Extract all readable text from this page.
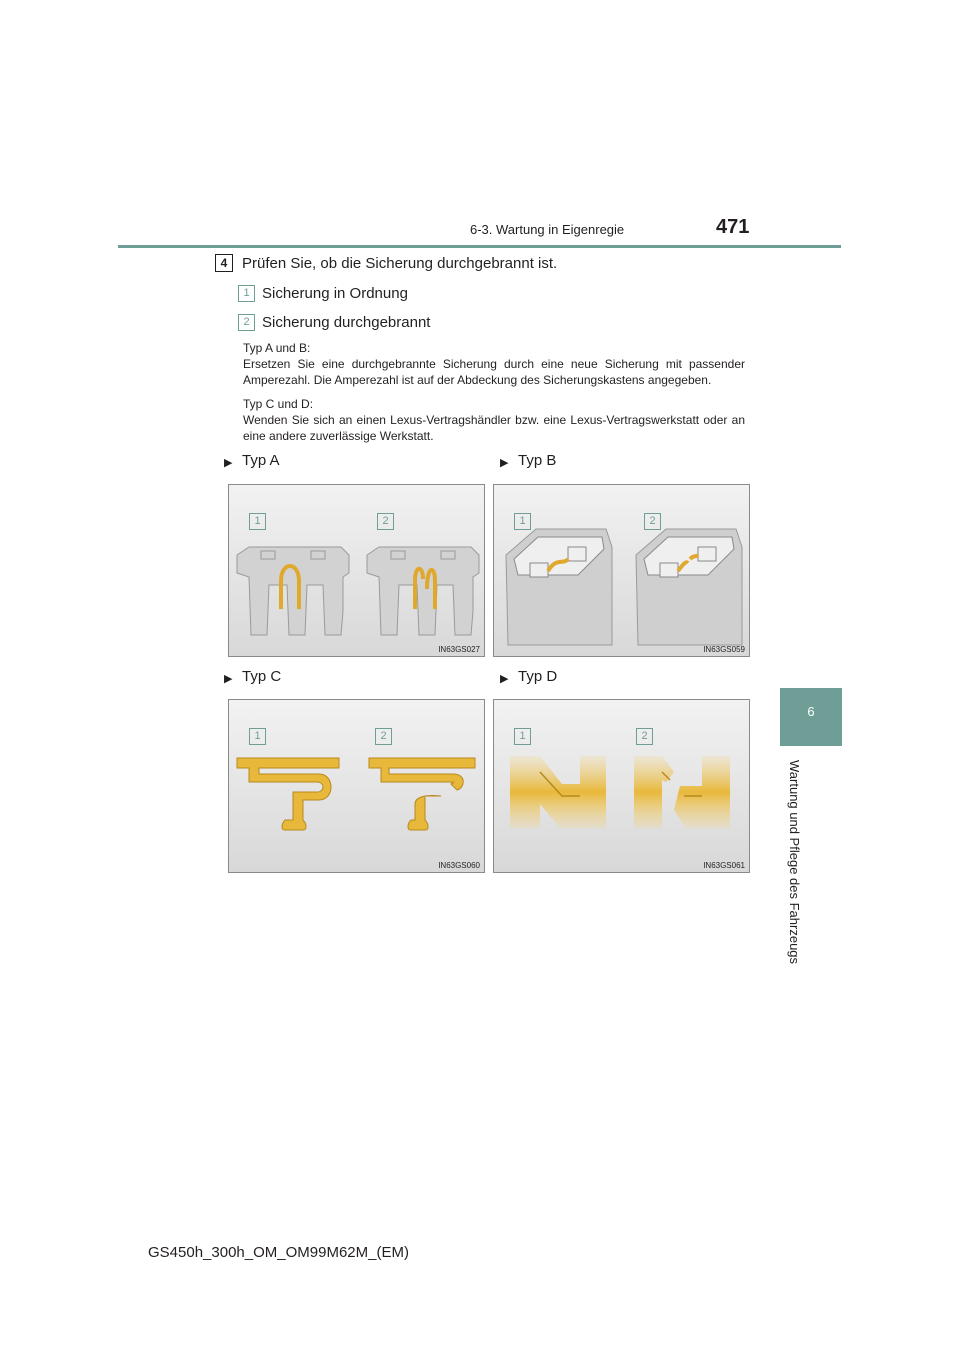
6-3. Wartung in Eigenregie	471
6
Wartung und Pflege des Fahrzeugs
4 Prüfen Sie, ob die Sicherung durchgebrannt ist.
1 Sicherung in Ordnung
2 Sicherung durchgebrannt
Typ A und B:
Ersetzen Sie eine durchgebrannte Sicherung durch eine neue Sicherung mit passender Amperezahl. Die Amperezahl ist auf der Abdeckung des Sicherungskastens angegeben.
Typ C und D:
Wenden Sie sich an einen Lexus-Vertragshändler bzw. eine Lexus-Vertragswerkstatt oder an eine andere zuverlässige Werkstatt.
▶ Typ A	▶ Typ B
▶ Typ C	▶ Typ D
1	2
IN63GS027
1	2
IN63GS059
1	2
IN63GS060
1	2
IN63GS061
GS450h_300h_OM_OM99M62M_(EM)
